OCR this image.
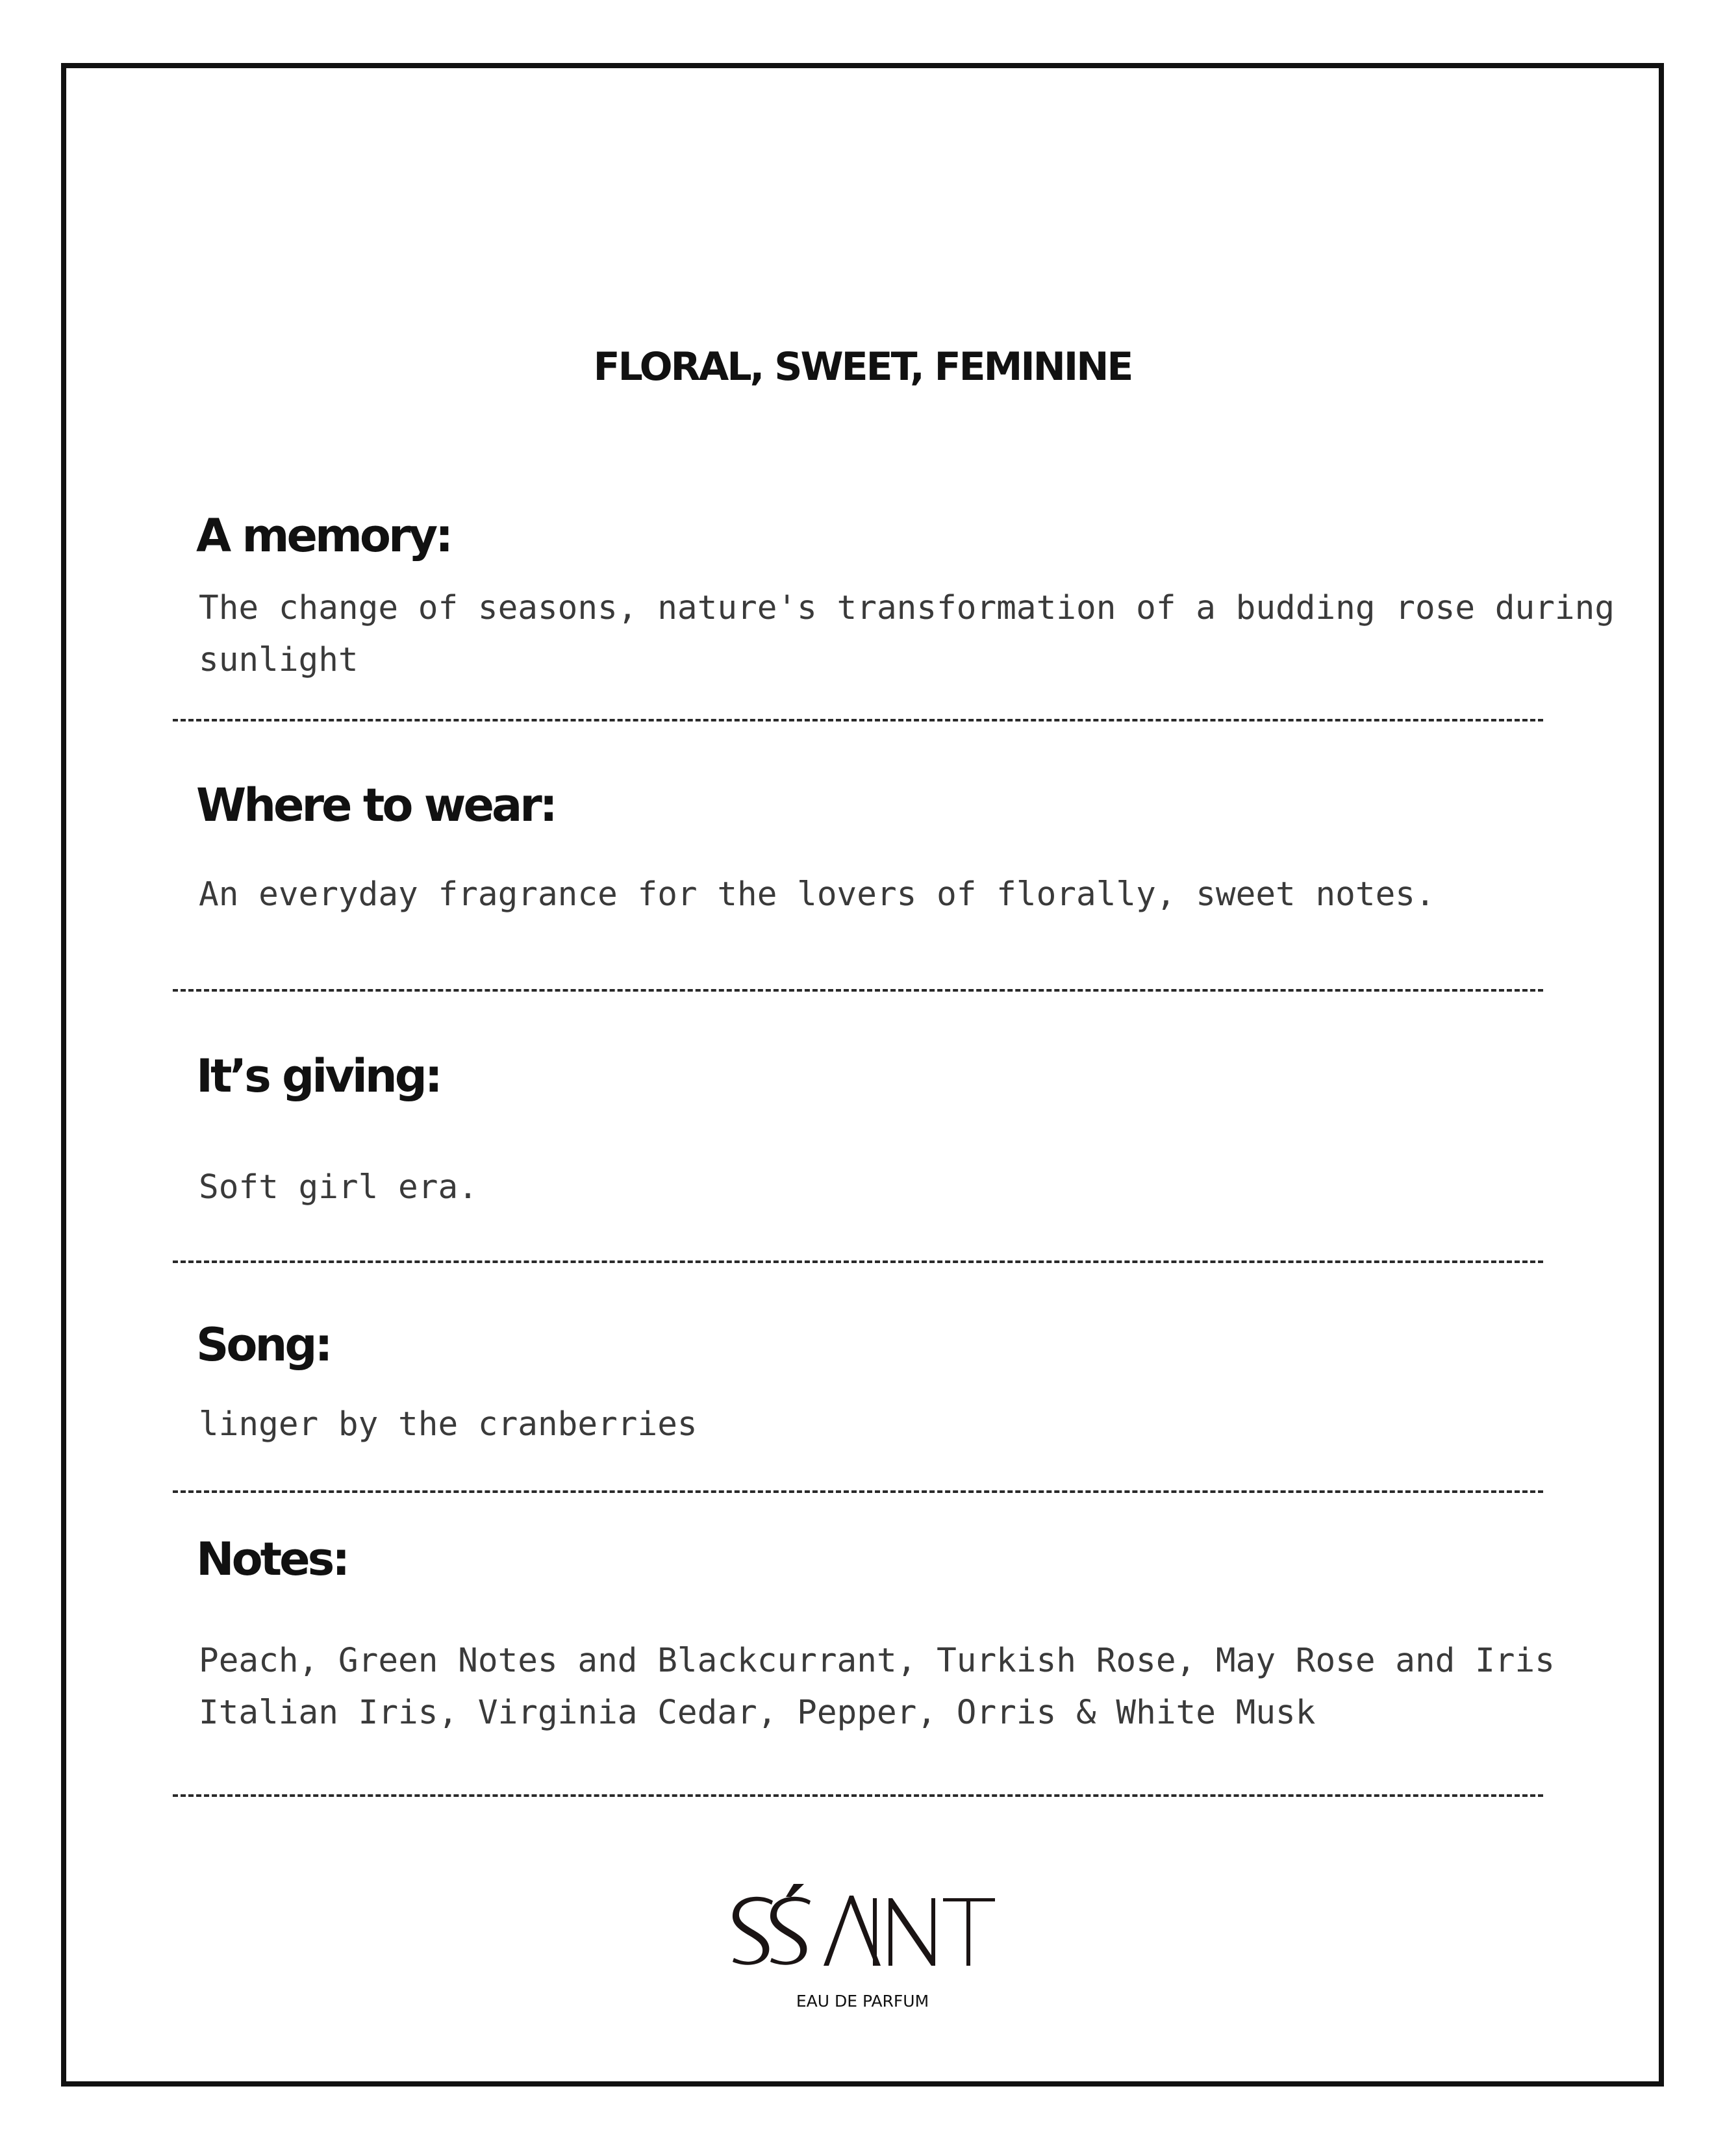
FLORAL, SWEET, FEMININE
A memory:
The change of seasons, nature's transformation of a budding rose during sunlight
Where to wear:
An everyday fragrance for the lovers of florally, sweet notes.
It’s giving:
Soft girl era.
Song:
linger by the cranberries
Notes:
Peach, Green Notes and Blackcurrant, Turkish Rose, May Rose and Iris
Italian Iris, Virginia Cedar, Pepper, Orris & White Musk
EAU DE PARFUM
